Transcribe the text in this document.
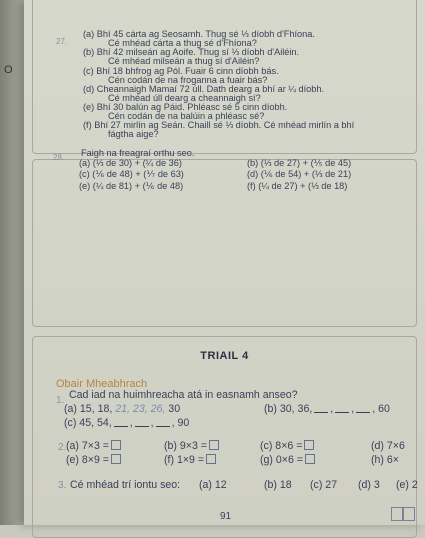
O
27.
(a) Bhí 45 cárta ag Seosamh. Thug sé ⅓ díobh d'Fhíona.
Cé mhéad cárta a thug sé d'Fhíona?
(b) Bhí 42 milseán ag Aoife. Thug sí ⅓ díobh d'Ailéin.
Cé mhéad milseán a thug sí d'Ailéin?
(c) Bhí 18 bhfrog ag Pól. Fuair 6 cinn díobh bás.
Cén codán de na froganna a fuair bás?
(d) Cheannaigh Mamaí 72 úll. Dath dearg a bhí ar ¼ díobh.
Cé mhéad úll dearg a cheannaigh sí?
(e) Bhí 30 balún ag Páid. Phléasc sé 5 cinn díobh.
Cén codán de na balúin a phléasc sé?
(f) Bhí 27 mirlín ag Seán. Chaill sé ⅓ díobh. Cé mhéad mirlín a bhí
fágtha aige?
28. Faigh na freagraí orthu seo.
(a) (⅓ de 30) + (¼ de 36)	(b) (⅓ de 27) + (⅕ de 45)
(c) (⅙ de 48) + (⅐ de 63)	(d) (⅙ de 54) + (⅓ de 21)
(e) (¼ de 81) + (⅙ de 48)	(f) (¼ de 27) + (⅓ de 18)
TRIAIL 4
Obair Mheabhrach
1. Cad iad na huimhreacha atá in easnamh anseo?
(a) 15, 18, 21, 23, 26, 30	(b) 30, 36, , , , 60
(c) 45, 54, , , , 90
2. (a) 7×3 =	(b) 9×3 =	(c) 8×6 =	(d) 7×6
(e) 8×9 =	(f) 1×9 =	(g) 0×6 =	(h) 6×
3. Cé mhéad trí iontu seo: (a) 12	(b) 18 (c) 27 (d) 3 (e) 2
91
